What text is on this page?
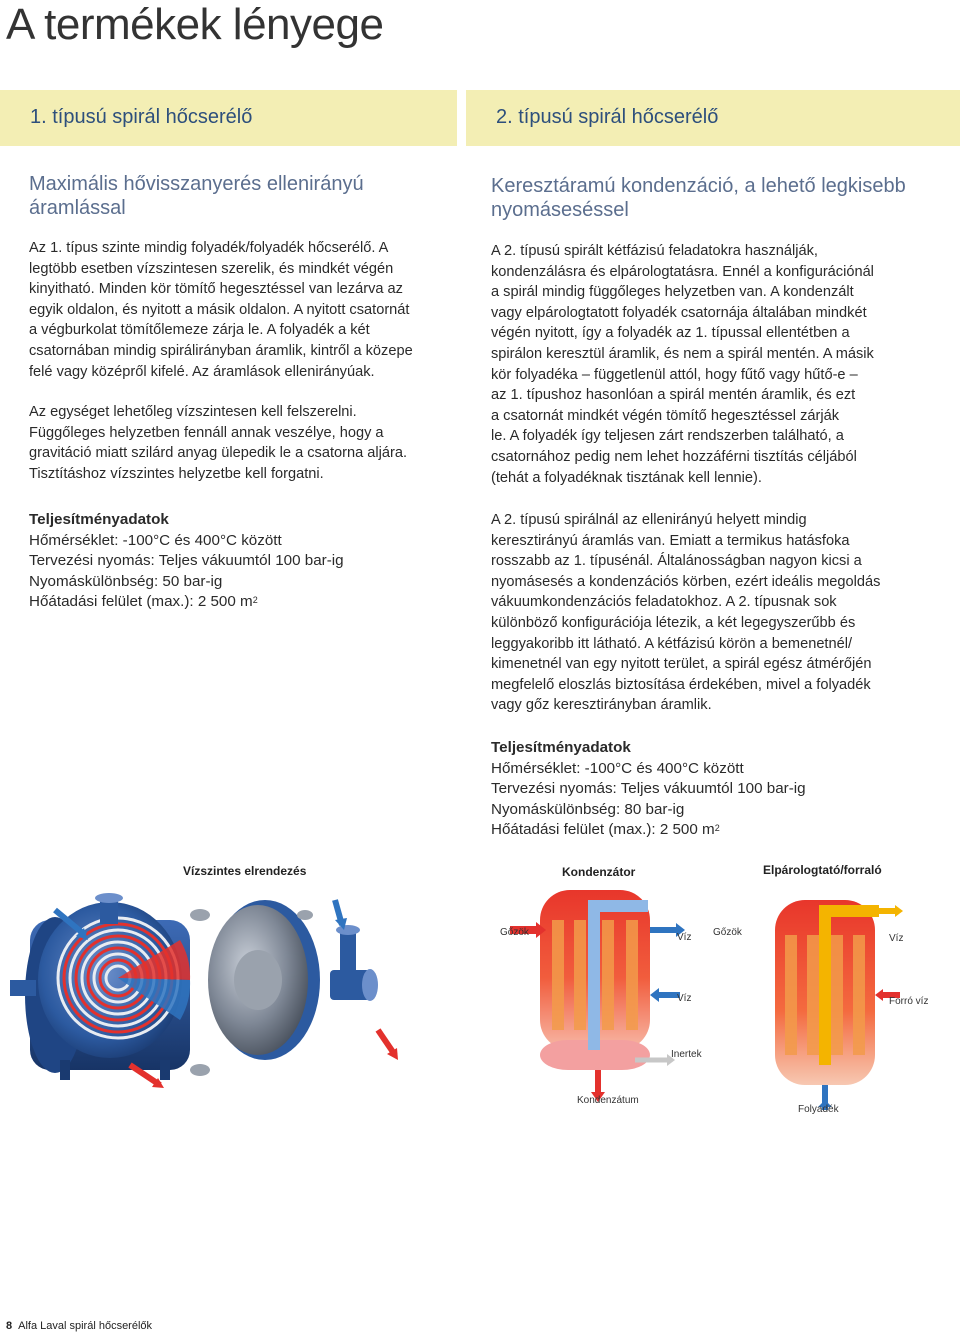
A termékek lényege
1. típusú spirál hőcserélő	2. típusú spirál hőcserélő
Maximális hővisszanyerés ellenirányú áramlással
Az 1. típus szinte mindig folyadék/folyadék hőcserélő. A
legtöbb esetben vízszintesen szerelik, és mindkét végén
kinyitható. Minden kör tömítő hegesztéssel van lezárva az
egyik oldalon, és nyitott a másik oldalon. A nyitott csatornát
a végburkolat tömítőlemeze zárja le. A folyadék a két
csatornában mindig spirálirányban áramlik, kintről a közepe
felé vagy középről kifelé. Az áramlások ellenirányúak.
Az egységet lehetőleg vízszintesen kell felszerelni.
Függőleges helyzetben fennáll annak veszélye, hogy a
gravitáció miatt szilárd anyag ülepedik le a csatorna aljára.
Tisztításhoz vízszintes helyzetbe kell forgatni.
Teljesítményadatok
Hőmérséklet: -100°C és 400°C között
Tervezési nyomás: Teljes vákuumtól 100 bar-ig
Nyomáskülönbség: 50 bar-ig
Hőátadási felület (max.): 2 500 $m^2$
Keresztáramú kondenzáció, a lehető legkisebb nyomáseséssel
A 2. típusú spirált kétfázisú feladatokra használják,
kondenzálásra és elpárologtatásra. Ennél a konfigurációnál
a spirál mindig függőleges helyzetben van. A kondenzált
vagy elpárologtatott folyadék csatornája általában mindkét
végén nyitott, így a folyadék az 1. típussal ellentétben a
spirálon keresztül áramlik, és nem a spirál mentén. A másik
kör folyadéka – függetlenül attól, hogy fűtő vagy hűtő-e –
az 1. típushoz hasonlóan a spirál mentén áramlik, és ezt
a csatornát mindkét végén tömítő hegesztéssel zárják
le. A folyadék így teljesen zárt rendszerben található, a
csatornához pedig nem lehet hozzáférni tisztítás céljából
(tehát a folyadéknak tisztának kell lennie).
A 2. típusú spirálnál az ellenirányú helyett mindig
keresztirányú áramlás van. Emiatt a termikus hatásfoka
rosszabb az 1. típusénál. Általánosságban nagyon kicsi a
nyomásesés a kondenzációs körben, ezért ideális megoldás
vákuumkondenzációs feladatokhoz. A 2. típusnak sok
különböző konfigurációja létezik, a két legegyszerűbb és
leggyakoribb itt látható. A kétfázisú körön a bemenetnél/
kimenetnél van egy nyitott terület, a spirál egész átmérőjén
megfelelő eloszlás biztosítása érdekében, mivel a folyadék
vagy gőz keresztirányban áramlik.
Teljesítményadatok
Hőmérséklet: -100°C és 400°C között
Tervezési nyomás: Teljes vákuumtól 100 bar-ig
Nyomáskülönbség: 80 bar-ig
Hőátadási felület (max.): 2 500 $m^2$
Vízszintes elrendezés	Kondenzátor	Elpárologtató/forraló
Gőzök	Víz
Víz
Inertek
Kondenzátum
Gőzök
Víz
Forró víz
Folyadék
8 Alfa Laval spirál hőcserélők
